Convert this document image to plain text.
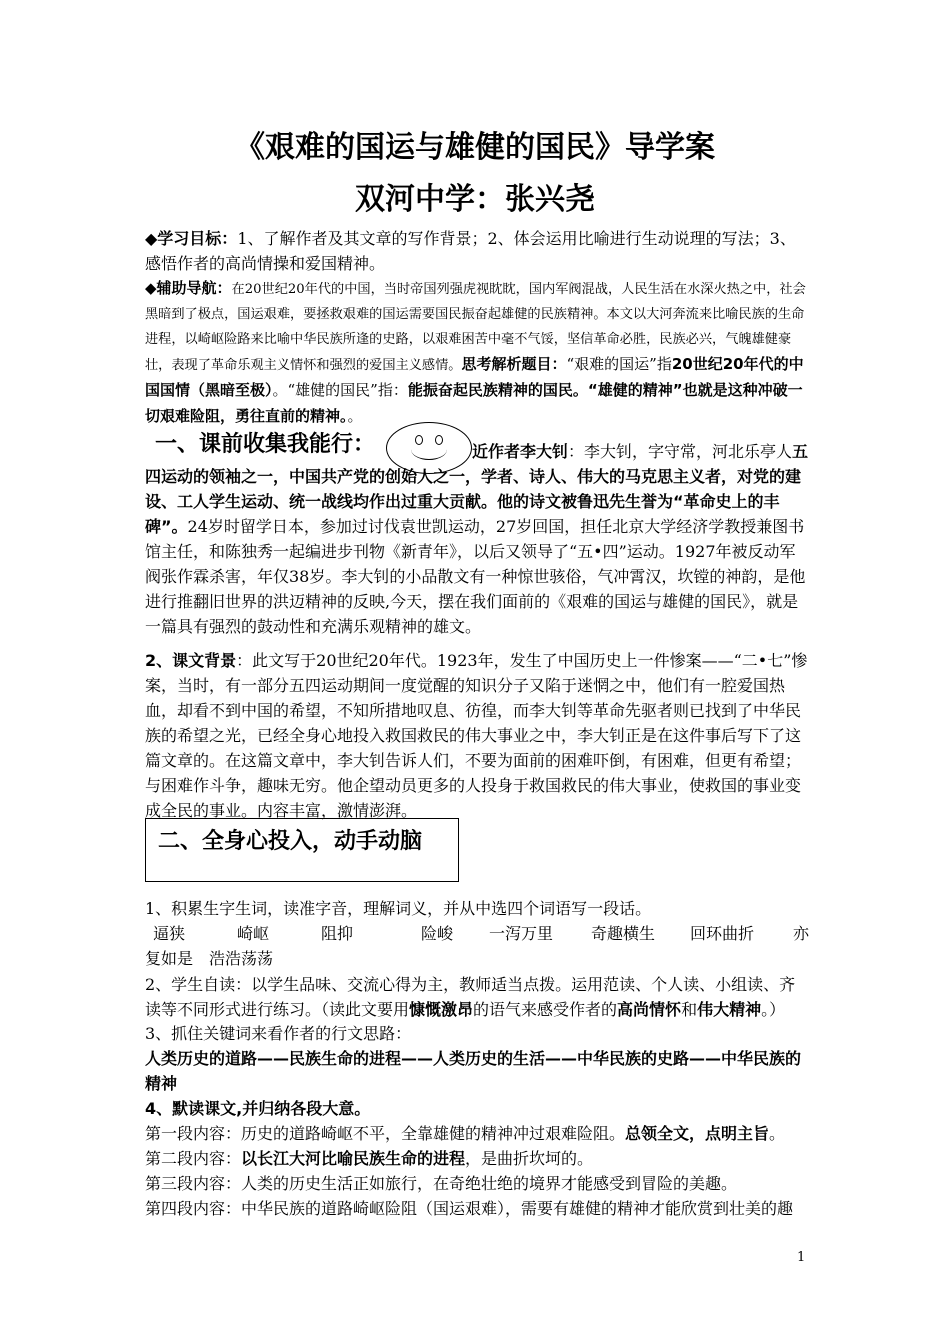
《艰难的国运与雄健的国民》导学案
双河中学：张兴尧
◆学习目标：1、了解作者及其文章的写作背景；2、体会运用比喻进行生动说理的写法；3、感悟作者的高尚情操和爱国精神。
◆辅助导航：在20世纪20年代的中国，当时帝国列强虎视眈眈，国内军阀混战，人民生活在水深火热之中，社会黑暗到了极点，国运艰难，要拯救艰难的国运需要国民振奋起雄健的民族精神。本文以大河奔流来比喻民族的生命进程，以崎岖险路来比喻中华民族所逢的史路，以艰难困苦中毫不气馁，坚信革命必胜，民族必兴，气魄雄健豪壮，表现了革命乐观主义情怀和强烈的爱国主义感情。思考解析题目：“艰难的国运”指20世纪20年代的中国国情（黑暗至极）。“雄健的国民”指：能振奋起民族精神的国民。“雄健的精神”也就是这种冲破一切艰难险阻，勇往直前的精神。。
一、课前收集我能行：	近作者李大钊：李大钊，字守常，河北乐亭人五四运动的领袖之一，中国共产党的创始人之一，学者、诗人、伟大的马克思主义者，对党的建设、工人学生运动、统一战线均作出过重大贡献。他的诗文被鲁迅先生誉为“革命史上的丰碑”。24岁时留学日本，参加过讨伐袁世凯运动，27岁回国，担任北京大学经济学教授兼图书馆主任，和陈独秀一起编进步刊物《新青年》，以后又领导了“五•四”运动。1927年被反动军阀张作霖杀害，年仅38岁。李大钊的小品散文有一种惊世骇俗，气冲霄汉，坎镗的神韵，是他进行推翻旧世界的洪迈精神的反映,今天，摆在我们面前的《艰难的国运与雄健的国民》，就是一篇具有强烈的鼓动性和充满乐观精神的雄文。
2、课文背景：此文写于20世纪20年代。1923年，发生了中国历史上一件惨案——“二•七”惨案，当时，有一部分五四运动期间一度觉醒的知识分子又陷于迷惘之中，他们有一腔爱国热血，却看不到中国的希望，不知所措地叹息、彷徨，而李大钊等革命先驱者则已找到了中华民族的希望之光，已经全身心地投入救国救民的伟大事业之中，李大钊正是在这件事后写下了这篇文章的。在这篇文章中，李大钊告诉人们，不要为面前的困难吓倒，有困难，但更有希望；与困难作斗争，趣味无穷。他企望动员更多的人投身于救国救民的伟大事业，使救国的事业变成全民的事业。内容丰富，激情澎湃。
二、全身心投入，动手动脑
1、积累生字生词，读准字音，理解词义，并从中选四个词语写一段话。
逼狭	崎岖	阻抑	险峻 一泻万里 奇趣横生 回环曲折 亦
复如是　浩浩荡荡
2、学生自读：以学生品味、交流心得为主，教师适当点拨。运用范读、个人读、小组读、齐读等不同形式进行练习。（读此文要用慷慨激昂的语气来感受作者的高尚情怀和伟大精神。）
3、抓住关键词来看作者的行文思路：
人类历史的道路——民族生命的进程——人类历史的生活——中华民族的史路——中华民族的精神
4、默读课文,并归纳各段大意。
第一段内容：历史的道路崎岖不平，全靠雄健的精神冲过艰难险阻。总领全文，点明主旨。
第二段内容：以长江大河比喻民族生命的进程，是曲折坎坷的。
第三段内容：人类的历史生活正如旅行，在奇绝壮绝的境界才能感受到冒险的美趣。
第四段内容：中华民族的道路崎岖险阻（国运艰难），需要有雄健的精神才能欣赏到壮美的趣
1
